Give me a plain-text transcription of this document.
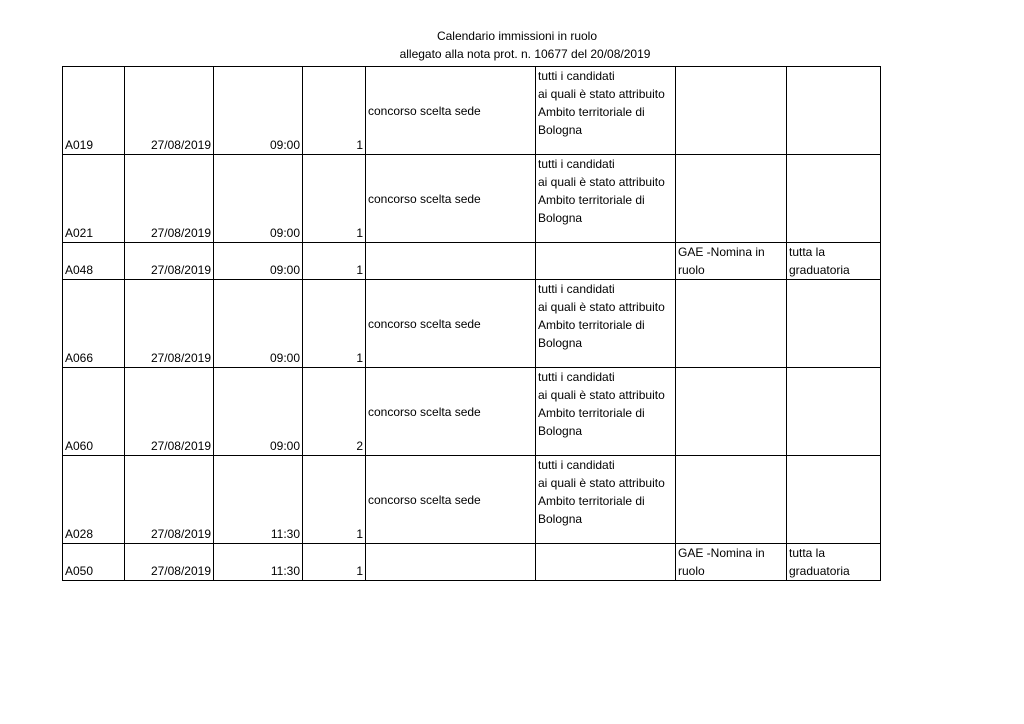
Calendario immissioni in ruolo
allegato alla nota prot. n. 10677 del 20/08/2019
A019	27/08/2019	09:00	1	concorso scelta sede	tutti i candidati
ai quali è stato attribuito
Ambito territoriale di
Bologna		

A021	27/08/2019	09:00	1	concorso scelta sede	tutti i candidati
ai quali è stato attribuito
Ambito territoriale di
Bologna		

A048	27/08/2019	09:00	1			GAE -Nomina in
ruolo	tutta la
graduatoria

A066	27/08/2019	09:00	1	concorso scelta sede	tutti i candidati
ai quali è stato attribuito
Ambito territoriale di
Bologna		

A060	27/08/2019	09:00	2	concorso scelta sede	tutti i candidati
ai quali è stato attribuito
Ambito territoriale di
Bologna		

A028	27/08/2019	11:30	1	concorso scelta sede	tutti i candidati
ai quali è stato attribuito
Ambito territoriale di
Bologna		

A050	27/08/2019	11:30	1			GAE -Nomina in
ruolo	tutta la
graduatoria
